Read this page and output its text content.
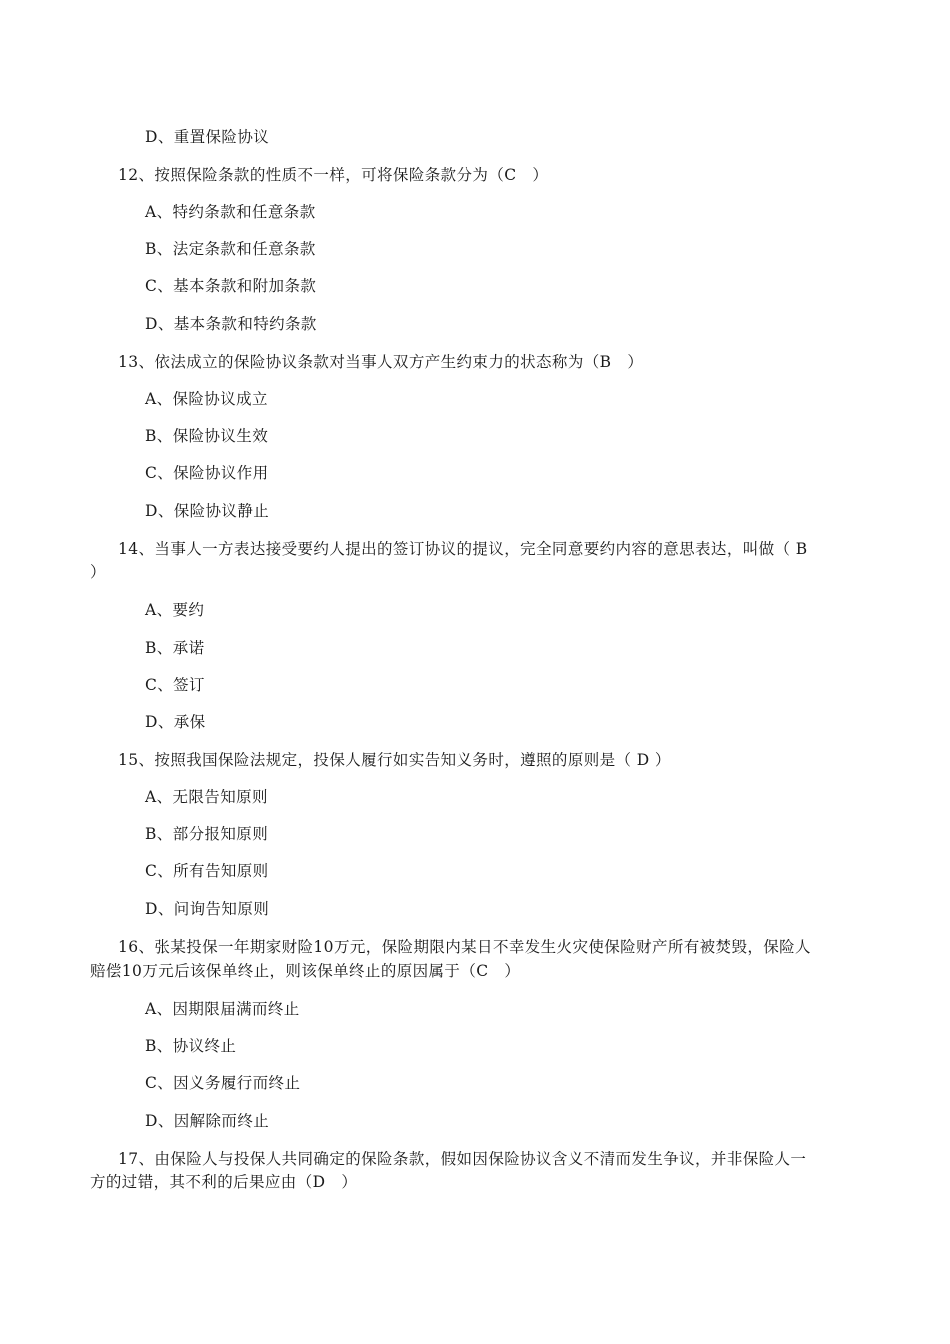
D、重置保险协议
12、按照保险条款的性质不一样，可将保险条款分为（C　）
A、特约条款和任意条款
B、法定条款和任意条款
C、基本条款和附加条款
D、基本条款和特约条款
13、依法成立的保险协议条款对当事人双方产生约束力的状态称为（B　）
A、保险协议成立
B、保险协议生效
C、保险协议作用
D、保险协议静止
14、当事人一方表达接受要约人提出的签订协议的提议，完全同意要约内容的意思表达，叫做（ B
）
A、要约
B、承诺
C、签订
D、承保
15、按照我国保险法规定，投保人履行如实告知义务时，遵照的原则是（ D ）
A、无限告知原则
B、部分报知原则
C、所有告知原则
D、问询告知原则
16、张某投保一年期家财险10万元，保险期限内某日不幸发生火灾使保险财产所有被焚毁，保险人
赔偿10万元后该保单终止，则该保单终止的原因属于（C　）
A、因期限届满而终止
B、协议终止
C、因义务履行而终止
D、因解除而终止
17、由保险人与投保人共同确定的保险条款，假如因保险协议含义不清而发生争议，并非保险人一
方的过错，其不利的后果应由（D　）
